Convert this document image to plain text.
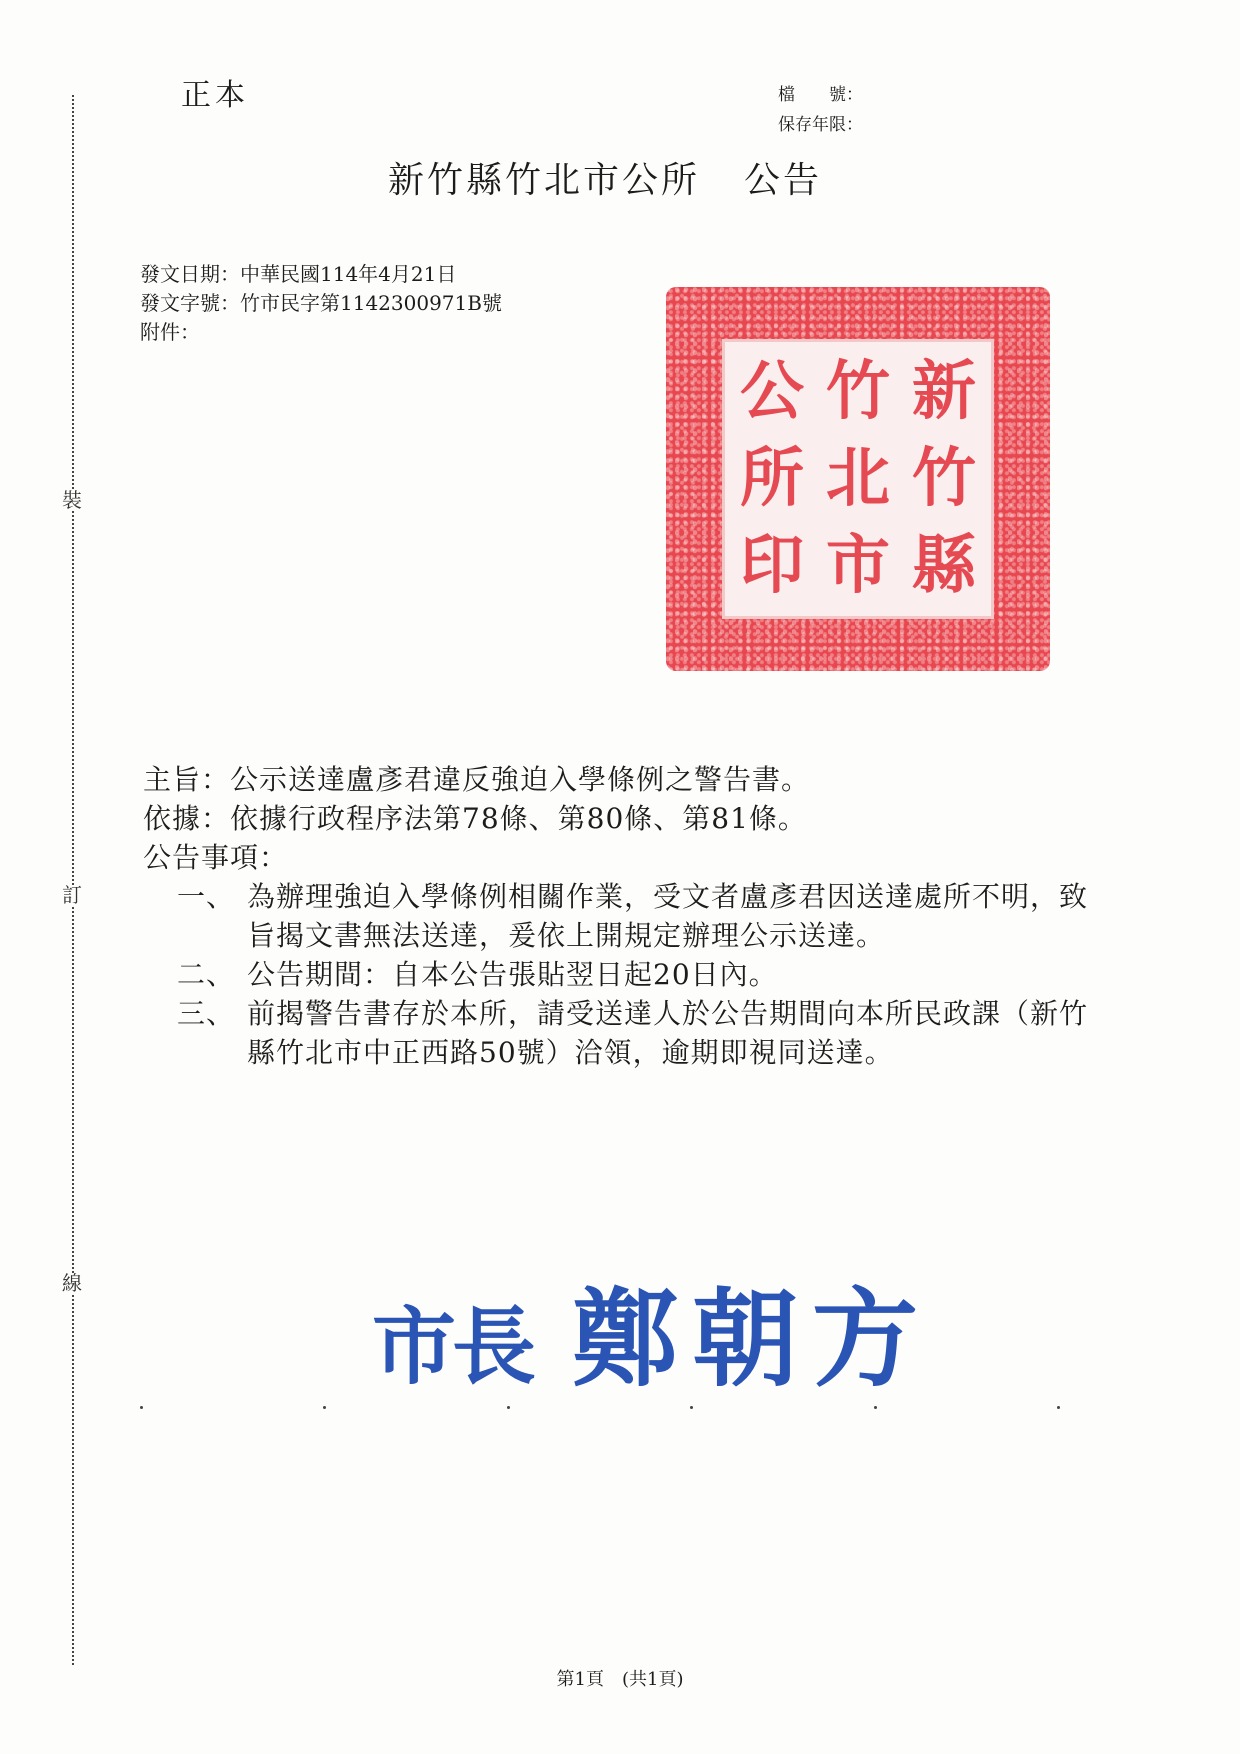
裝
訂
線
正本	檔　　號：
保存年限：
新竹縣竹北市公所 公告
發文日期：中華民國114年4月21日
發文字號：竹市民字第1142300971B號
附件：
新
竹
縣
竹
北
市
公
所
印
主旨：公示送達盧彥君違反強迫入學條例之警告書。
依據：依據行政程序法第78條、第80條、第81條。
公告事項：
一、 為辦理強迫入學條例相關作業，受文者盧彥君因送達處所不明，致旨揭文書無法送達，爰依上開規定辦理公示送達。
二、 公告期間：自本公告張貼翌日起20日內。
三、 前揭警告書存於本所，請受送達人於公告期間向本所民政課（新竹縣竹北市中正西路50號）洽領，逾期即視同送達。
市長 鄭朝方
第1頁　(共1頁)
